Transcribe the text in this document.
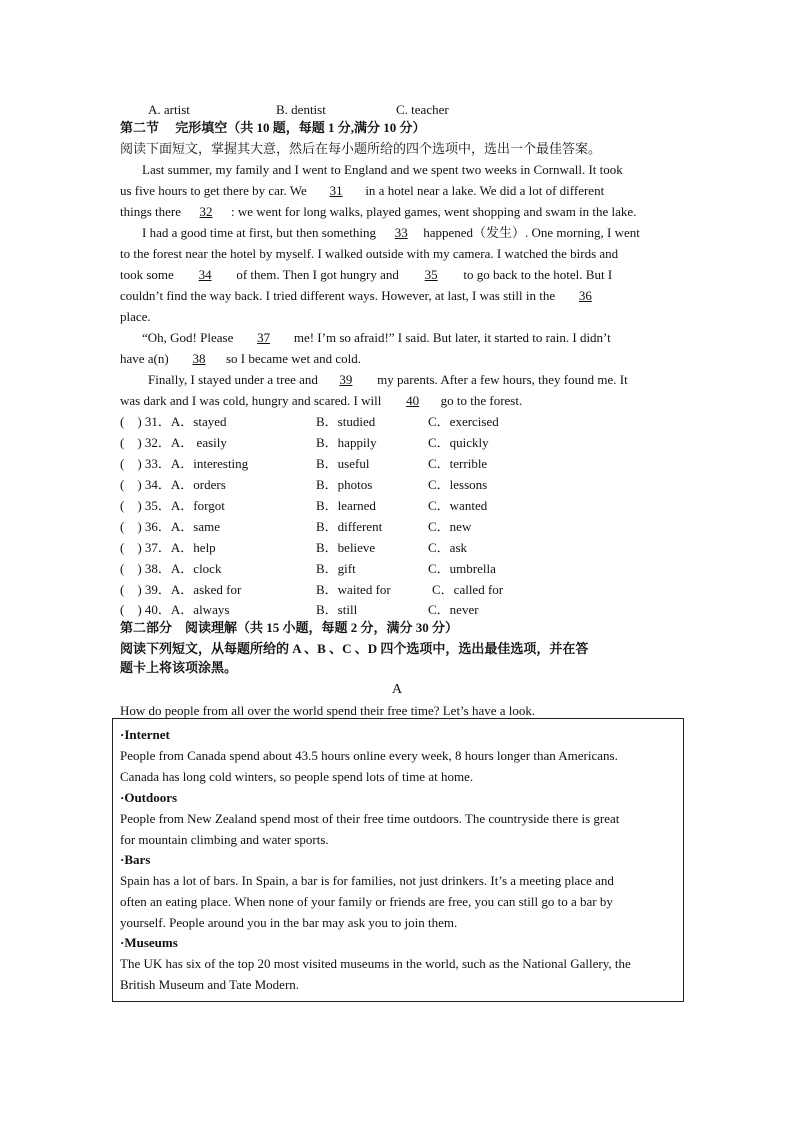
A. artist	B. dentist	C. teacher
第二节　 完形填空（共 10 题，每题 1 分,满分 10 分）
阅读下面短文，掌握其大意，然后在每小题所给的四个选项中，选出一个最佳答案。
Last summer, my family and I went to England and we spent two weeks in Cornwall. It took
us five hours to get there by car. We 31 in a hotel near a lake. We did a lot of different
things there 32 : we went for long walks, played games, went shopping and swam in the lake.
I had a good time at first, but then something 33 happened（发生）. One morning, I went
to the forest near the hotel by myself. I walked outside with my camera. I watched the birds and
took some 34 of them. Then I got hungry and 35 to go back to the hotel. But I
couldn’t find the way back. I tried different ways. However, at last, I was still in the 36
place.
“Oh, God! Please 37 me! I’m so afraid!” I said. But later, it started to rain. I didn’t
have a(n) 38 so I became wet and cold.
Finally, I stayed under a tree and 39 my parents. After a few hours, they found me. It
was dark and I was cold, hungry and scared. I will 40 go to the forest.
(　) 31．A．stayed	B．studied	C．exercised
(　) 32．A． easily	B．happily	C．quickly
(　) 33．A．interesting	B．useful	C．terrible
(　) 34．A．orders	B．photos	C．lessons
(　) 35．A．forgot	B．learned	C．wanted
(　) 36．A．same	B．different	C．new
(　) 37．A．help	B．believe	C．ask
(　) 38．A．clock	B．gift	C．umbrella
(　) 39．A．asked for	B．waited for	C．called for
(　) 40．A．always	B．still	C．never
第二部分　阅读理解（共 15 小题，每题 2 分，满分 30 分）
阅读下列短文，从每题所给的 A 、B 、C 、D 四个选项中，选出最佳选项，并在答
题卡上将该项涂黑。
A
How do people from all over the world spend their free time? Let’s have a look.
·Internet
People from Canada spend about 43.5 hours online every week, 8 hours longer than Americans.
Canada has long cold winters, so people spend lots of time at home.
·Outdoors
People from New Zealand spend most of their free time outdoors. The countryside there is great
for mountain climbing and water sports.
·Bars
Spain has a lot of bars. In Spain, a bar is for families, not just drinkers. It’s a meeting place and
often an eating place. When none of your family or friends are free, you can still go to a bar by
yourself. People around you in the bar may ask you to join them.
·Museums
The UK has six of the top 20 most visited museums in the world, such as the National Gallery, the
British Museum and Tate Modern.
